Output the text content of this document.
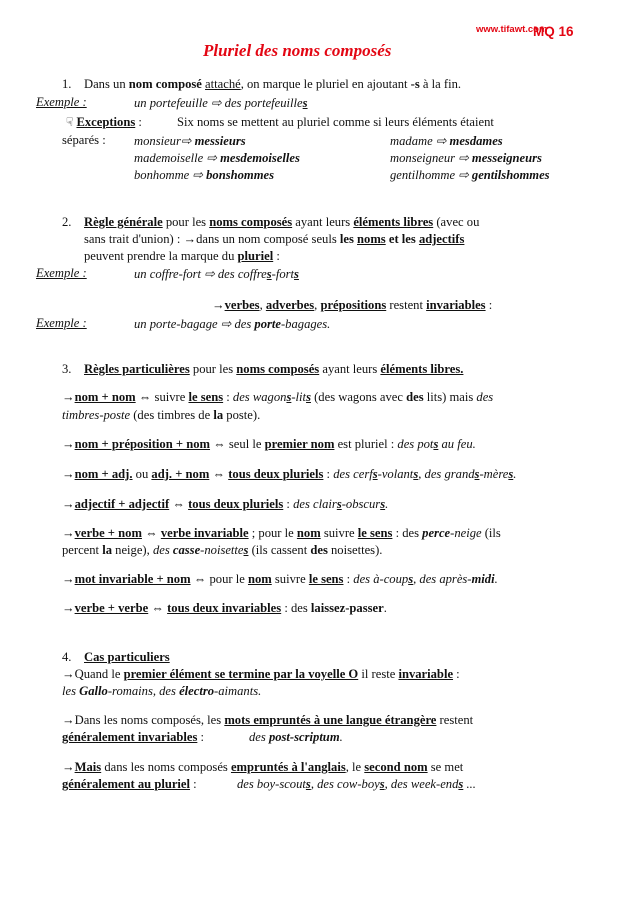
www.tifawt.com
MQ 16
Pluriel des noms composés
1. Dans un nom composé attaché, on marque le pluriel en ajoutant -s à la fin.
Exemple :	un portefeuille ⇨ des portefeuilles
☟ Exceptions :	Six noms se mettent au pluriel comme si leurs éléments étaient
séparés : monsieur⇨ messieurs	madame ⇨ mesdames
mademoiselle ⇨ mesdemoiselles	monseigneur ⇨ messeigneurs
bonhomme ⇨ bonshommes	gentilhomme ⇨ gentilshommes
2. Règle générale pour les noms composés ayant leurs éléments libres (avec ou
sans trait d'union) : →dans un nom composé seuls les noms et les adjectifs
peuvent prendre la marque du pluriel :
Exemple :	un coffre-fort ⇨ des coffres-forts
→verbes, adverbes, prépositions restent invariables :
Exemple :	un porte-bagage ⇨ des porte-bagages.
3. Règles particulières pour les noms composés ayant leurs éléments libres.
→nom + nom ⇔ suivre le sens : des wagons-lits (des wagons avec des lits) mais des
timbres-poste (des timbres de la poste).
→nom + préposition + nom ⇔ seul le premier nom est pluriel : des pots au feu.
→nom + adj. ou adj. + nom ⇔ tous deux pluriels : des cerfs-volants, des grands-mères.
→adjectif + adjectif ⇔ tous deux pluriels : des clairs-obscurs.
→verbe + nom ⇔ verbe invariable ; pour le nom suivre le sens : des perce-neige (ils
percent la neige), des casse-noisettes (ils cassent des noisettes).
→mot invariable + nom ⇔ pour le nom suivre le sens : des à-coups, des après-midi.
→verbe + verbe ⇔ tous deux invariables : des laissez-passer.
4. Cas particuliers
→Quand le premier élément se termine par la voyelle O il reste invariable :
les Gallo-romains, des électro-aimants.
→Dans les noms composés, les mots empruntés à une langue étrangère restent
généralement invariables :	des post-scriptum.
→Mais dans les noms composés empruntés à l'anglais, le second nom se met
généralement au pluriel :	des boy-scouts, des cow-boys, des week-ends ...
